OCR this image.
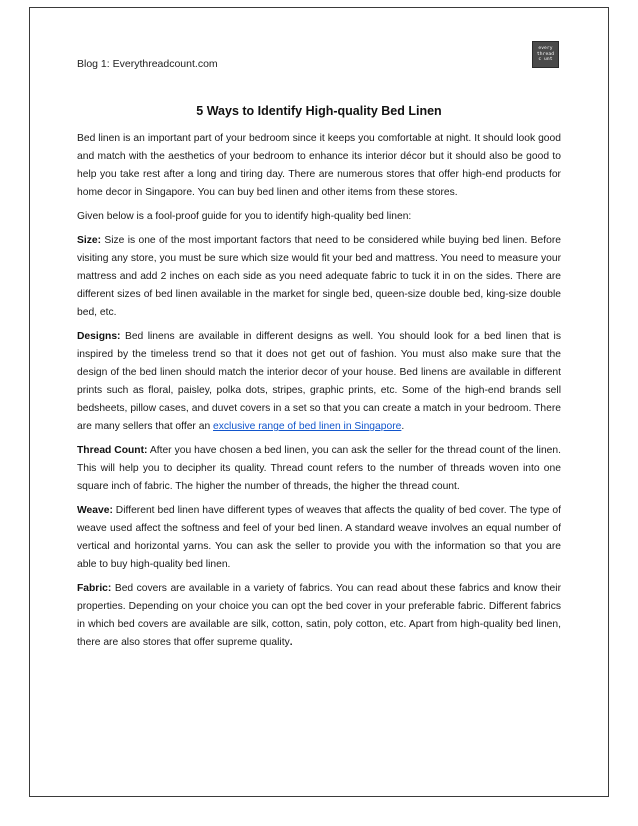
Blog 1: Everythreadcount.com
every
thread
c unt
5 Ways to Identify High-quality Bed Linen

Bed linen is an important part of your bedroom since it keeps you comfortable at night. It should look good and match with the aesthetics of your bedroom to enhance its interior décor but it should also be good to help you take rest after a long and tiring day. There are numerous stores that offer high-end products for home decor in Singapore. You can buy bed linen and other items from these stores.

Given below is a fool-proof guide for you to identify high-quality bed linen:

Size: Size is one of the most important factors that need to be considered while buying bed linen. Before visiting any store, you must be sure which size would fit your bed and mattress. You need to measure your mattress and add 2 inches on each side as you need adequate fabric to tuck it in on the sides. There are different sizes of bed linen available in the market for single bed, queen-size double bed, king-size double bed, etc.

Designs: Bed linens are available in different designs as well. You should look for a bed linen that is inspired by the timeless trend so that it does not get out of fashion. You must also make sure that the design of the bed linen should match the interior decor of your house. Bed linens are available in different prints such as floral, paisley, polka dots, stripes, graphic prints, etc. Some of the high-end brands sell bedsheets, pillow cases, and duvet covers in a set so that you can create a match in your bedroom. There are many sellers that offer an exclusive range of bed linen in Singapore.

Thread Count: After you have chosen a bed linen, you can ask the seller for the thread count of the linen. This will help you to decipher its quality. Thread count refers to the number of threads woven into one square inch of fabric. The higher the number of threads, the higher the thread count.

Weave: Different bed linen have different types of weaves that affects the quality of bed cover. The type of weave used affect the softness and feel of your bed linen. A standard weave involves an equal number of vertical and horizontal yarns. You can ask the seller to provide you with the information so that you are able to buy high-quality bed linen.

Fabric: Bed covers are available in a variety of fabrics. You can read about these fabrics and know their properties. Depending on your choice you can opt the bed cover in your preferable fabric. Different fabrics in which bed covers are available are silk, cotton, satin, poly cotton, etc. Apart from high-quality bed linen, there are also stores that offer supreme quality.
